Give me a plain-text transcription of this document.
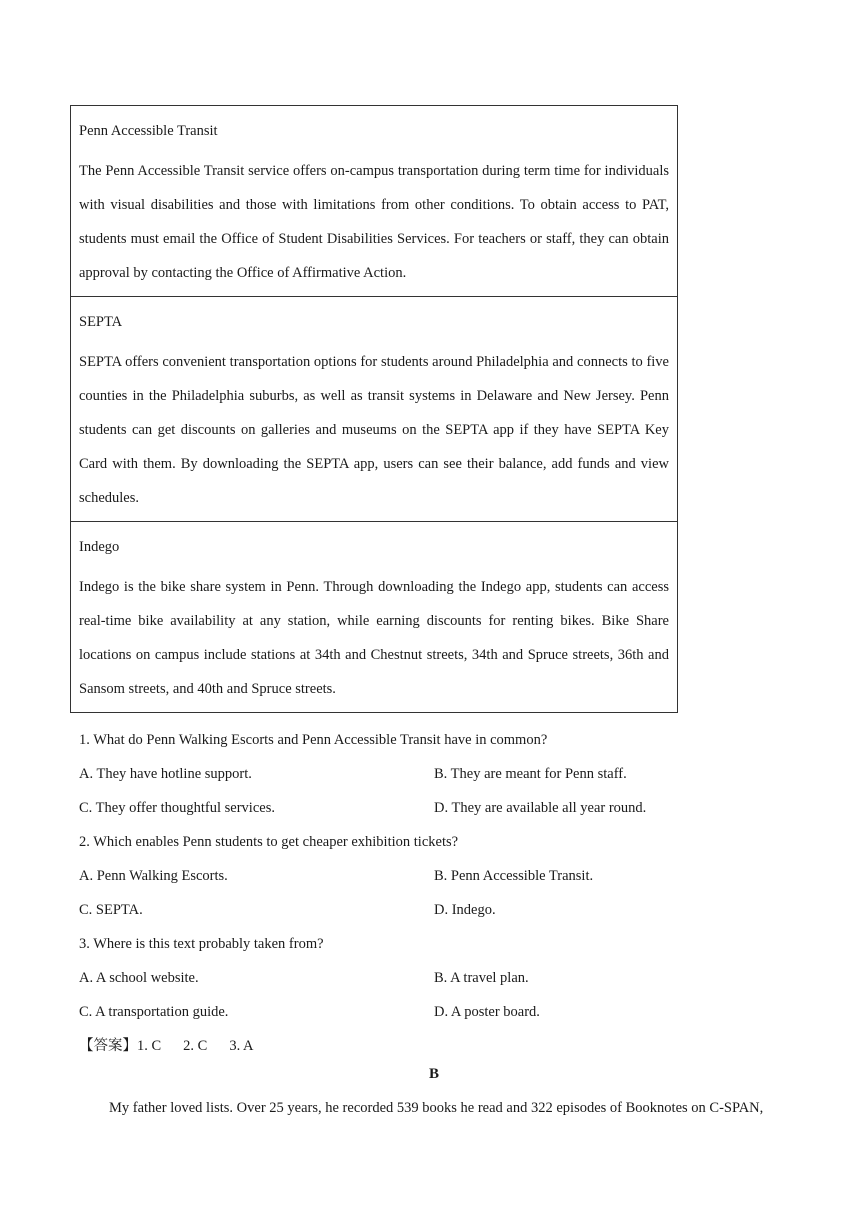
Penn Accessible Transit

The Penn Accessible Transit service offers on-campus transportation during term time for individuals with visual disabilities and those with limitations from other conditions. To obtain access to PAT, students must email the Office of Student Disabilities Services. For teachers or staff, they can obtain approval by contacting the Office of Affirmative Action.

SEPTA

SEPTA offers convenient transportation options for students around Philadelphia and connects to five counties in the Philadelphia suburbs, as well as transit systems in Delaware and New Jersey. Penn students can get discounts on galleries and museums on the SEPTA app if they have SEPTA Key Card with them. By downloading the SEPTA app, users can see their balance, add funds and view schedules.

Indego

Indego is the bike share system in Penn. Through downloading the Indego app, students can access real-time bike availability at any station, while earning discounts for renting bikes. Bike Share locations on campus include stations at 34th and Chestnut streets, 34th and Spruce streets, 36th and Sansom streets, and 40th and Spruce streets.

1. What do Penn Walking Escorts and Penn Accessible Transit have in common?
A. They have hotline support.	B. They are meant for Penn staff.
C. They offer thoughtful services.	D. They are available all year round.
2. Which enables Penn students to get cheaper exhibition tickets?
A. Penn Walking Escorts.	B. Penn Accessible Transit.
C. SEPTA.	D. Indego.
3. Where is this text probably taken from?
A. A school website.	B. A travel plan.
C. A transportation guide.	D. A poster board.
【答案】1. C 2. C 3. A
B
My father loved lists. Over 25 years, he recorded 539 books he read and 322 episodes of Booknotes on C-SPAN,
